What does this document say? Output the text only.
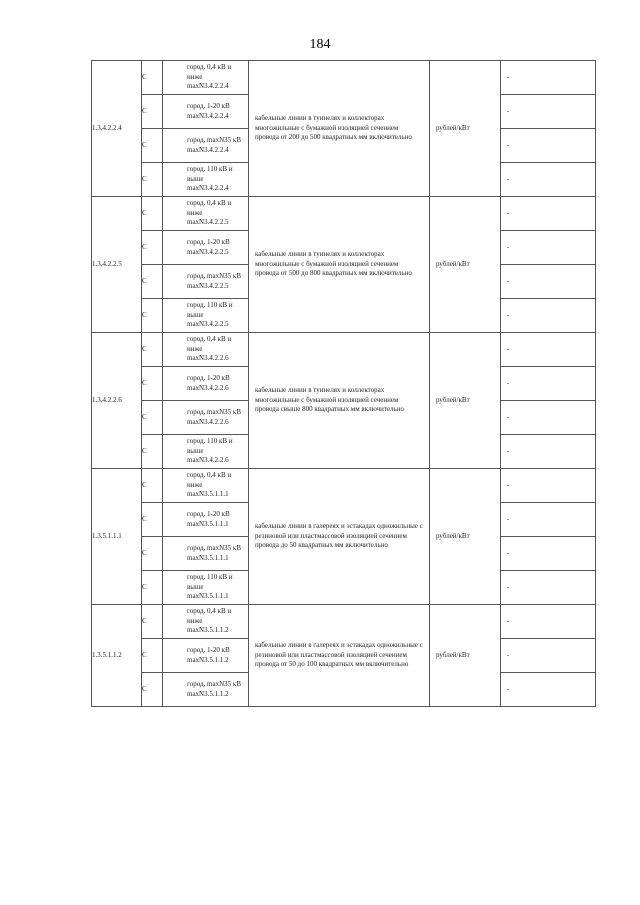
184
1.3.4.2.2.4	С	город, 0,4 кВ и
ниже
maxN3.4.2.2.4	кабельные линии в туннелях и коллекторах многожильные с бумажной изоляцией сечением провода от 200 до 500 квадратных мм включительно	рублей/кВт	-
	С	город, 1-20 кВ
maxN3.4.2.2.4			-
	С	город, maxN35 кВ
maxN3.4.2.2.4			-
	С	город, 110 кВ и
выше
maxN3.4.2.2.4			-
1.3.4.2.2.5	С	город, 0,4 кВ и
ниже
maxN3.4.2.2.5	кабельные линии в туннелях и коллекторах многожильные с бумажной изоляцией сечением провода от 500 до 800 квадратных мм включительно	рублей/кВт	-
	С	город, 1-20 кВ
maxN3.4.2.2.5			-
	С	город, maxN35 кВ
maxN3.4.2.2.5			-
	С	город, 110 кВ и
выше
maxN3.4.2.2.5			-
1.3.4.2.2.6	С	город, 0,4 кВ и
ниже
maxN3.4.2.2.6	кабельные линии в туннелях и коллекторах многожильные с бумажной изоляцией сечением провода свыше 800 квадратных мм включительно	рублей/кВт	-
	С	город, 1-20 кВ
maxN3.4.2.2.6			-
	С	город, maxN35 кВ
maxN3.4.2.2.6			-
	С	город, 110 кВ и
выше
maxN3.4.2.2.6			-
1.3.5.1.1.1	С	город, 0,4 кВ и
ниже
maxN3.5.1.1.1	кабельные линии в галереях и эстакадах одножильные с резиновой или пластмассовой изоляцией сечением провода до 50 квадратных мм включительно	рублей/кВт	-
	С	город, 1-20 кВ
maxN3.5.1.1.1			-
	С	город, maxN35 кВ
maxN3.5.1.1.1			-
	С	город, 110 кВ и
выше
maxN3.5.1.1.1			-
1.3.5.1.1.2	С	город, 0,4 кВ и
ниже
maxN3.5.1.1.2	кабельные линии в галереях и эстакадах одножильные с резиновой или пластмассовой изоляцией сечением провода от 50 до 100 квадратных мм включительно	рублей/кВт	-
	С	город, 1-20 кВ
maxN3.5.1.1.2			-
	С	город, maxN35 кВ
maxN3.5.1.1.2			-
